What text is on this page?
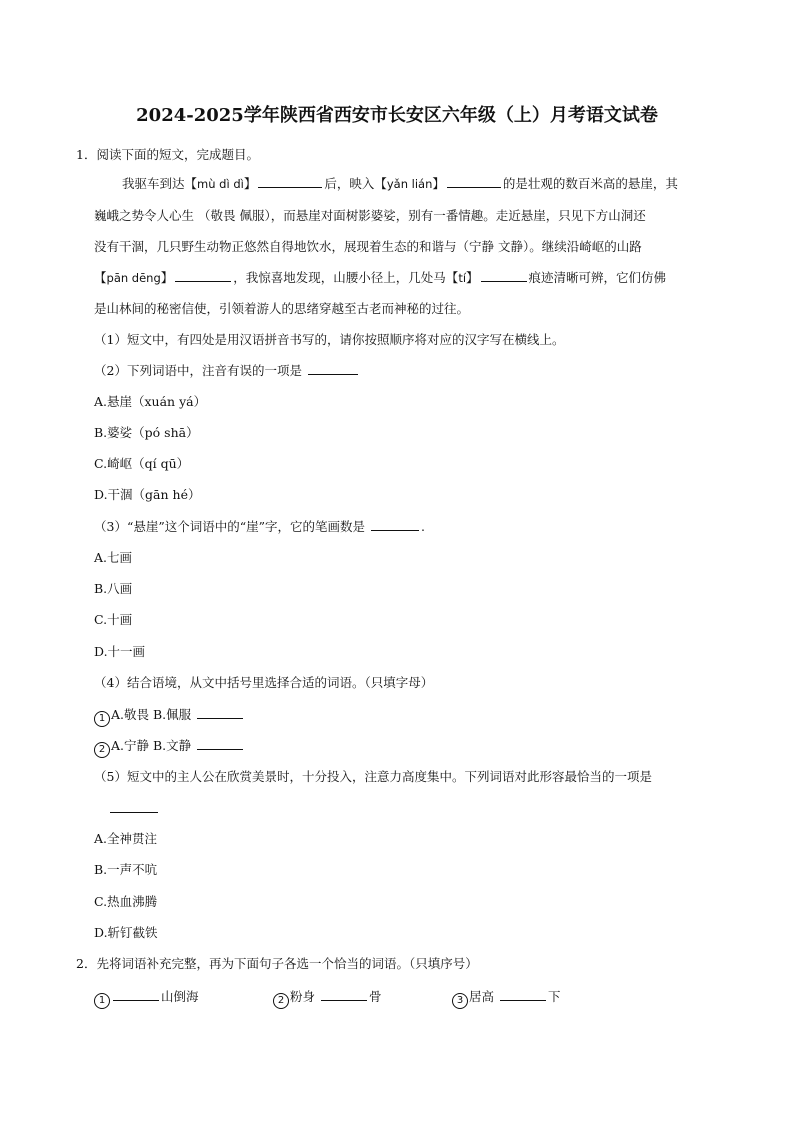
2024-2025学年陕西省西安市长安区六年级（上）月考语文试卷
1．阅读下面的短文，完成题目。
我驱车到达【mù dì dì】	后，映入【yǎn lián】	的是壮观的数百米高的悬崖，其
巍峨之势令人心生 （敬畏 佩服），而悬崖对面树影婆娑，别有一番情趣。走近悬崖，只见下方山洞还
没有干涸，几只野生动物正悠然自得地饮水，展现着生态的和谐与（宁静 文静）。继续沿崎岖的山路
【pān dēng】	，我惊喜地发现，山腰小径上，几处马【tí】	痕迹清晰可辨，它们仿佛
是山林间的秘密信使，引领着游人的思绪穿越至古老而神秘的过往。
（1）短文中，有四处是用汉语拼音书写的，请你按照顺序将对应的汉字写在横线上。
（2）下列词语中，注音有误的一项是
A.悬崖（xuán yá）
B.婆娑（pó shā）
C.崎岖（qí qū）
D.干涸（gān hé）
（3）“悬崖”这个词语中的“崖”字，它的笔画数是	.
A.七画
B.八画
C.十画
D.十一画
（4）结合语境，从文中括号里选择合适的词语。（只填字母）
1 A.敬畏 B.佩服
2 A.宁静 B.文静
（5）短文中的主人公在欣赏美景时，十分投入，注意力高度集中。下列词语对此形容最恰当的一项是
A.全神贯注
B.一声不吭
C.热血沸腾
D.斩钉截铁
2．先将词语补充完整，再为下面句子各选一个恰当的词语。（只填序号）
1	山倒海	2 粉身	骨	3 居高	下
